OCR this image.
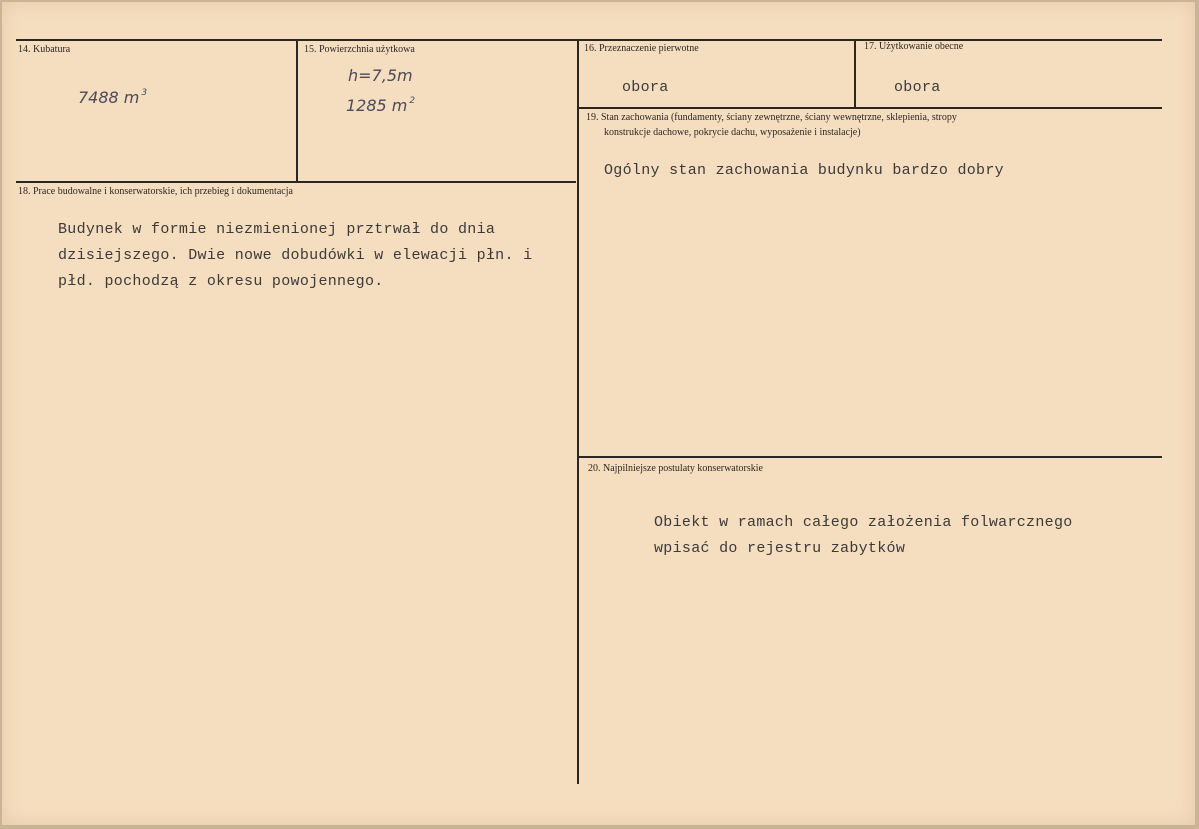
14. Kubatura
7488 m $^3$
15. Powierzchnia użytkowa
h=7,5m
1285 m $^2$
16. Przeznaczenie pierwotne
obora
17. Użytkowanie obecne
obora
18. Prace budowalne i konserwatorskie, ich przebieg i dokumentacja
Budynek w formie niezmienionej prztrwał do dnia
dzisiejszego. Dwie nowe dobudówki w elewacji płn. i
płd. pochodzą z okresu powojennego.
19. Stan zachowania (fundamenty, ściany zewnętrzne, ściany wewnętrzne, sklepienia, stropy
konstrukcje dachowe, pokrycie dachu, wyposażenie i instalacje)
Ogólny stan zachowania budynku bardzo dobry
20. Najpilniejsze postulaty konserwatorskie
Obiekt w ramach całego założenia folwarcznego
wpisać do rejestru zabytków
